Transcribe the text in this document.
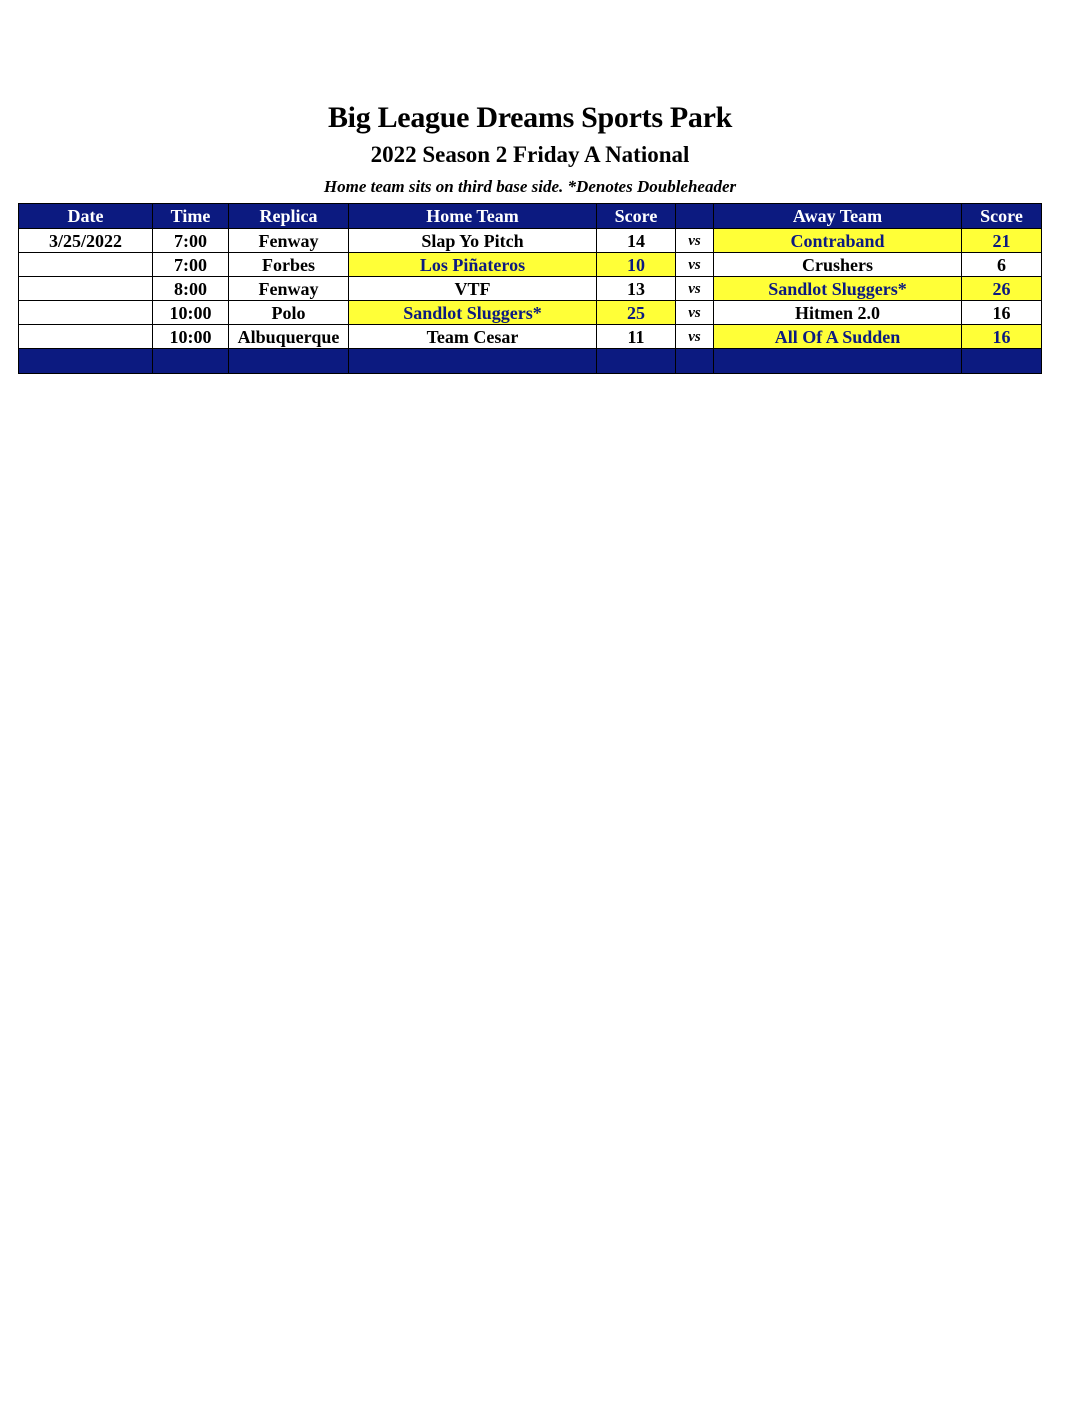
Big League Dreams Sports Park
2022 Season 2 Friday A National
Home team sits on third base side. *Denotes Doubleheader
Date	Time	Replica	Home Team	Score		Away Team	Score
3/25/2022	7:00	Fenway	Slap Yo Pitch	14	vs	Contraband	21
	7:00	Forbes	Los Piñateros	10	vs	Crushers	6
	8:00	Fenway	VTF	13	vs	Sandlot Sluggers*	26
	10:00	Polo	Sandlot Sluggers*	25	vs	Hitmen 2.0	16
	10:00	Albuquerque	Team Cesar	11	vs	All Of A Sudden	16
